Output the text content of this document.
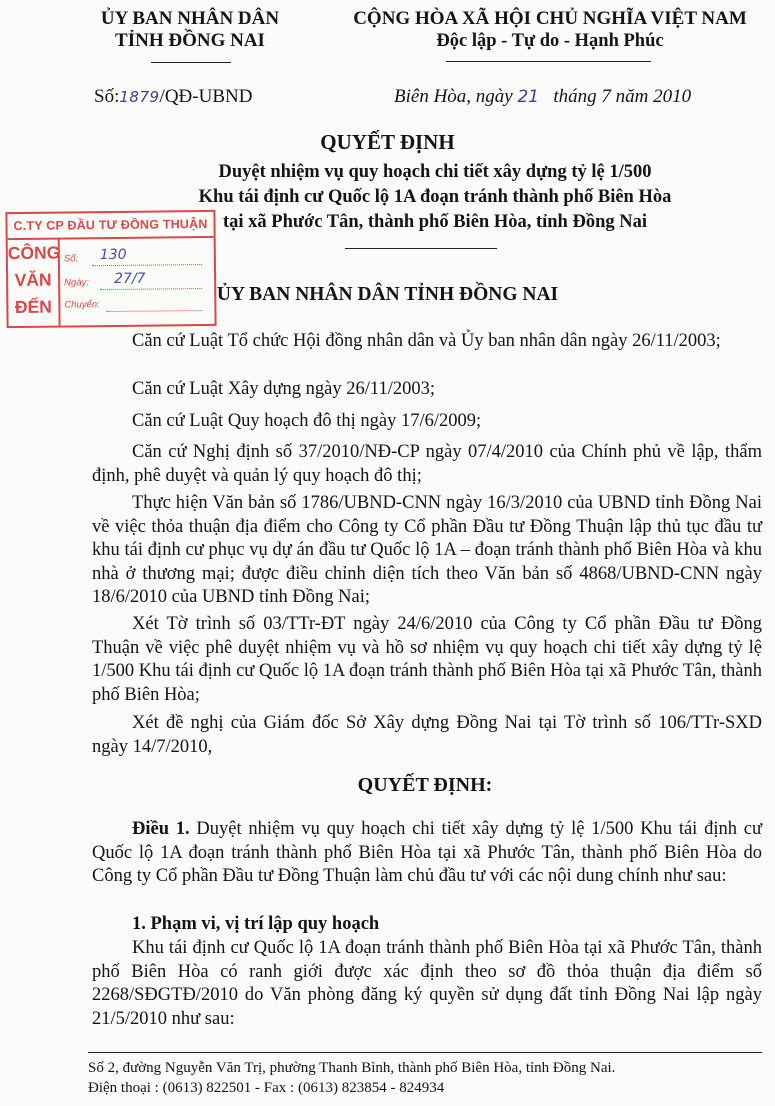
ỦY BAN NHÂN DÂN
TỈNH ĐỒNG NAI
CỘNG HÒA XÃ HỘI CHỦ NGHĨA VIỆT NAM
Độc lập - Tự do - Hạnh Phúc
Số:1879/QĐ-UBND	Biên Hòa, ngày 21 tháng 7 năm 2010
QUYẾT ĐỊNH
Duyệt nhiệm vụ quy hoạch chi tiết xây dựng tỷ lệ 1/500
Khu tái định cư Quốc lộ 1A đoạn tránh thành phố Biên Hòa
tại xã Phước Tân, thành phố Biên Hòa, tỉnh Đồng Nai
C.TY CP ĐẦU TƯ ĐỒNG THUẬN
CÔNG
VĂN
ĐẾN
Số: 130
Ngày: 27/7
Chuyển:	ỦY BAN NHÂN DÂN TỈNH ĐỒNG NAI
Căn cứ Luật Tổ chức Hội đồng nhân dân và Ủy ban nhân dân ngày 26/11/2003;
Căn cứ Luật Xây dựng ngày 26/11/2003;
Căn cứ Luật Quy hoạch đô thị ngày 17/6/2009;
Căn cứ Nghị định số 37/2010/NĐ-CP ngày 07/4/2010 của Chính phủ về lập, thẩm định, phê duyệt và quản lý quy hoạch đô thị;
Thực hiện Văn bản số 1786/UBND-CNN ngày 16/3/2010 của UBND tỉnh Đồng Nai về việc thỏa thuận địa điểm cho Công ty Cổ phần Đầu tư Đồng Thuận lập thủ tục đầu tư khu tái định cư phục vụ dự án đầu tư Quốc lộ 1A – đoạn tránh thành phố Biên Hòa và khu nhà ở thương mại; được điều chỉnh diện tích theo Văn bản số 4868/UBND-CNN ngày 18/6/2010 của UBND tỉnh Đồng Nai;
Xét Tờ trình số 03/TTr-ĐT ngày 24/6/2010 của Công ty Cổ phần Đầu tư Đồng Thuận về việc phê duyệt nhiệm vụ và hồ sơ nhiệm vụ quy hoạch chi tiết xây dựng tỷ lệ 1/500 Khu tái định cư Quốc lộ 1A đoạn tránh thành phố Biên Hòa tại xã Phước Tân, thành phố Biên Hòa;
Xét đề nghị của Giám đốc Sở Xây dựng Đồng Nai tại Tờ trình số 106/TTr-SXD ngày 14/7/2010,
QUYẾT ĐỊNH:
Điều 1. Duyệt nhiệm vụ quy hoạch chi tiết xây dựng tỷ lệ 1/500 Khu tái định cư Quốc lộ 1A đoạn tránh thành phố Biên Hòa tại xã Phước Tân, thành phố Biên Hòa do Công ty Cổ phần Đầu tư Đồng Thuận làm chủ đầu tư với các nội dung chính như sau:
1. Phạm vi, vị trí lập quy hoạch
Khu tái định cư Quốc lộ 1A đoạn tránh thành phố Biên Hòa tại xã Phước Tân, thành phố Biên Hòa có ranh giới được xác định theo sơ đồ thỏa thuận địa điểm số 2268/SĐGTĐ/2010 do Văn phòng đăng ký quyền sử dụng đất tỉnh Đồng Nai lập ngày 21/5/2010 như sau:
Số 2, đường Nguyễn Văn Trị, phường Thanh Bình, thành phố Biên Hòa, tỉnh Đồng Nai.
Điện thoại : (0613) 822501 - Fax : (0613) 823854 - 824934
